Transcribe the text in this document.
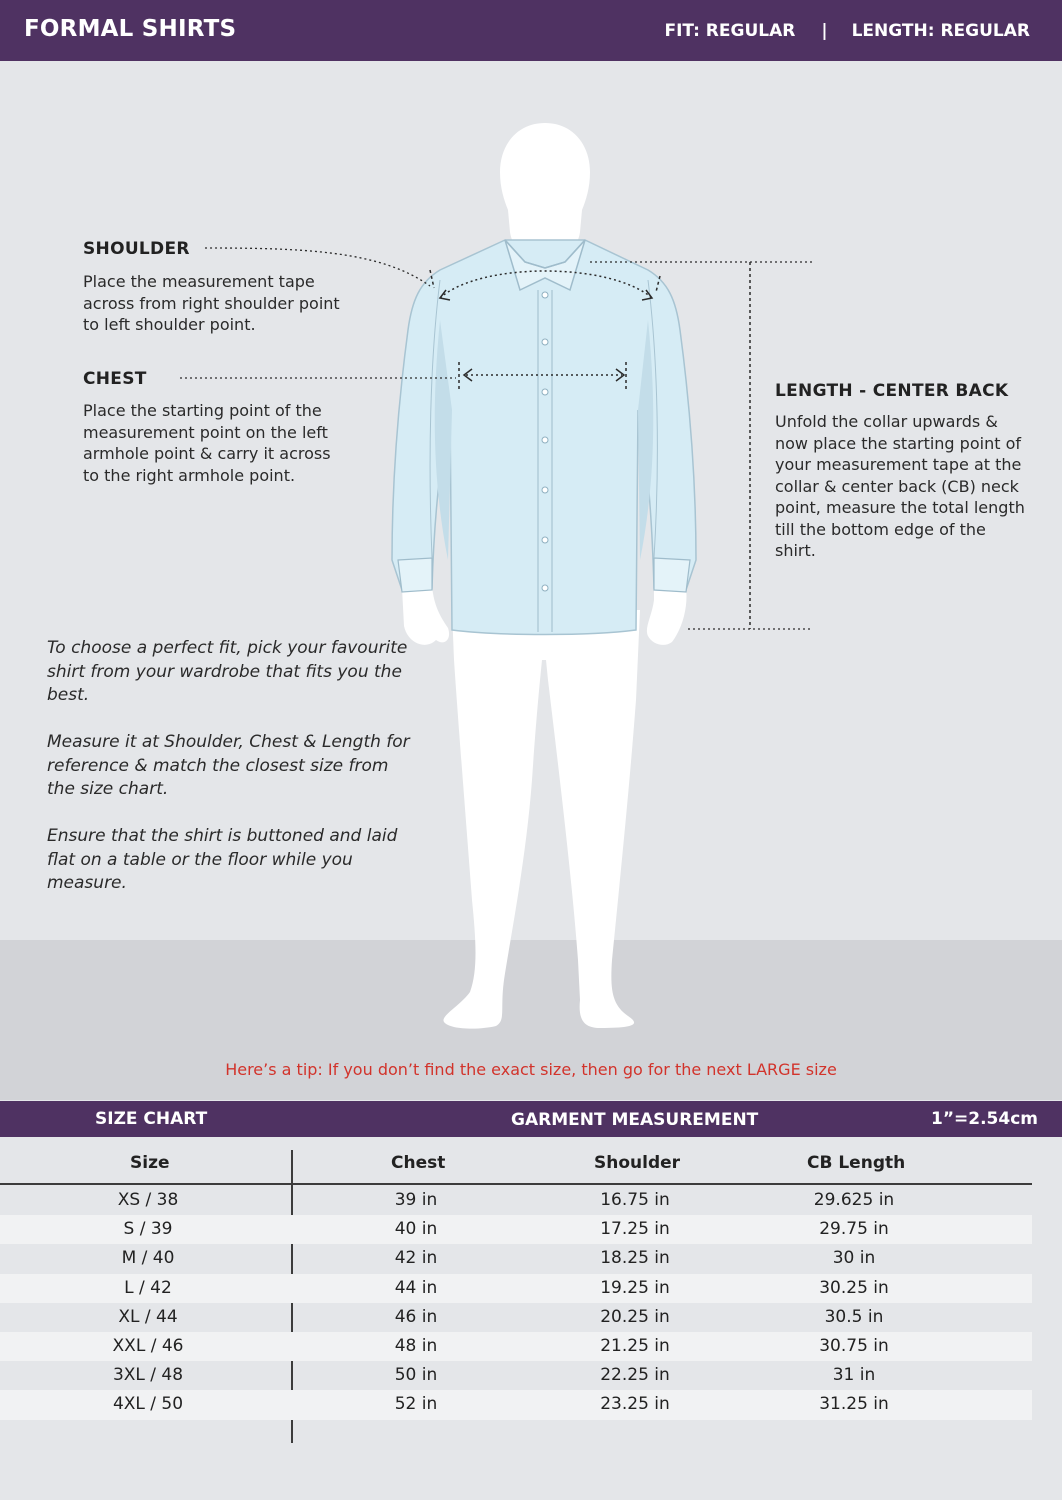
FORMAL SHIRTS	FIT: REGULAR | LENGTH: REGULAR
SHOULDER
Place the measurement tape across from right shoulder point to left shoulder point.
CHEST
Place the starting point of the measurement point on the left armhole point & carry it across to the right armhole point.
LENGTH - CENTER BACK
Unfold the collar upwards & now place the starting point of your measurement tape at the collar & center back (CB) neck point, measure the total length till the bottom edge of the shirt.

To choose a perfect fit, pick your favourite shirt from your wardrobe that fits you the best.

Measure it at Shoulder, Chest & Length for reference & match the closest size from the size chart.

Ensure that the shirt is buttoned and laid flat on a table or the floor while you measure.

Here’s a tip: If you don’t find the exact size, then go for the next LARGE size
SIZE CHART	GARMENT MEASUREMENT	1”=2.54cm
Size	Chest	Shoulder	CB Length
XS / 38	39 in	16.75 in	29.625 in
S / 39	40 in	17.25 in	29.75 in
M / 40	42 in	18.25 in	30 in
L / 42	44 in	19.25 in	30.25 in
XL / 44	46 in	20.25 in	30.5 in
XXL / 46	48 in	21.25 in	30.75 in
3XL / 48	50 in	22.25 in	31 in
4XL / 50	52 in	23.25 in	31.25 in
